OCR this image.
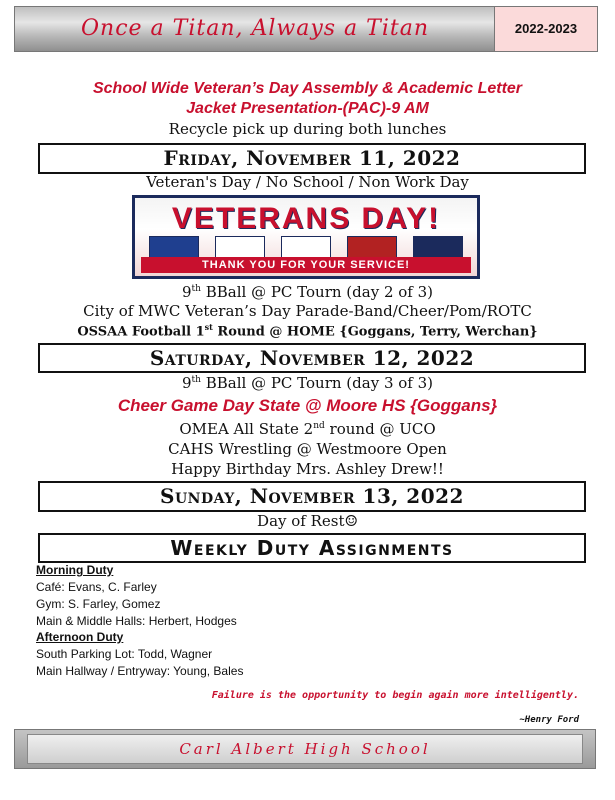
Once a Titan, Always a Titan	2022-2023
School Wide Veteran’s Day Assembly & Academic Letter
Jacket Presentation-(PAC)-9 AM
Recycle pick up during both lunches
Friday, November 11, 2022
Veteran's Day / No School / Non Work Day
VETERANS DAY!
THANK YOU FOR YOUR SERVICE!
9th BBall @ PC Tourn (day 2 of 3)
City of MWC Veteran’s Day Parade-Band/Cheer/Pom/ROTC
OSSAA Football 1st Round @ HOME {Goggans, Terry, Werchan}
Saturday, November 12, 2022
9th BBall @ PC Tourn (day 3 of 3)
Cheer Game Day State @ Moore HS {Goggans}
OMEA All State 2nd round @ UCO
CAHS Wrestling @ Westmoore Open
Happy Birthday Mrs. Ashley Drew!!
Sunday, November 13, 2022
Day of Rest☺
Weekly Duty Assignments
Morning Duty
Café: Evans, C. Farley
Gym: S. Farley, Gomez
Main & Middle Halls: Herbert, Hodges
Afternoon Duty
South Parking Lot: Todd, Wagner
Main Hallway / Entryway: Young, Bales
Failure is the opportunity to begin again more intelligently.
~Henry Ford
Carl Albert High School
